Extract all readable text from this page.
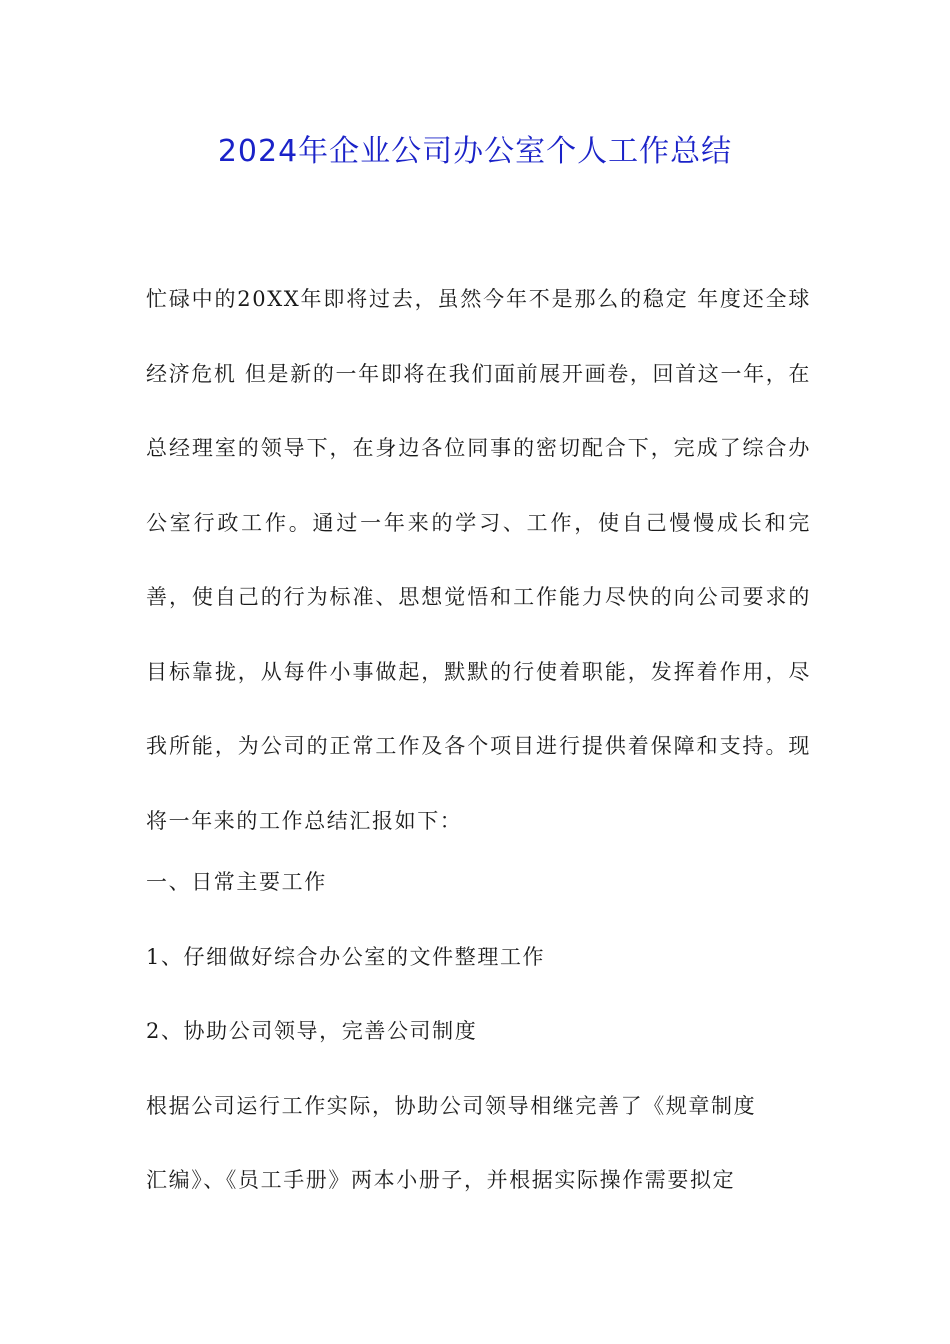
2024年企业公司办公室个人工作总结

忙碌中的20XX年即将过去，虽然今年不是那么的稳定 年度还全球经济危机 但是新的一年即将在我们面前展开画卷，回首这一年，在总经理室的领导下，在身边各位同事的密切配合下，完成了综合办公室行政工作。通过一年来的学习、工作，使自己慢慢成长和完善，使自己的行为标准、思想觉悟和工作能力尽快的向公司要求的目标靠拢，从每件小事做起，默默的行使着职能，发挥着作用，尽我所能，为公司的正常工作及各个项目进行提供着保障和支持。现将一年来的工作总结汇报如下：

一、日常主要工作
1、仔细做好综合办公室的文件整理工作
2、协助公司领导，完善公司制度
根据公司运行工作实际，协助公司领导相继完善了《规章制度
汇编》、《员工手册》两本小册子，并根据实际操作需要拟定
